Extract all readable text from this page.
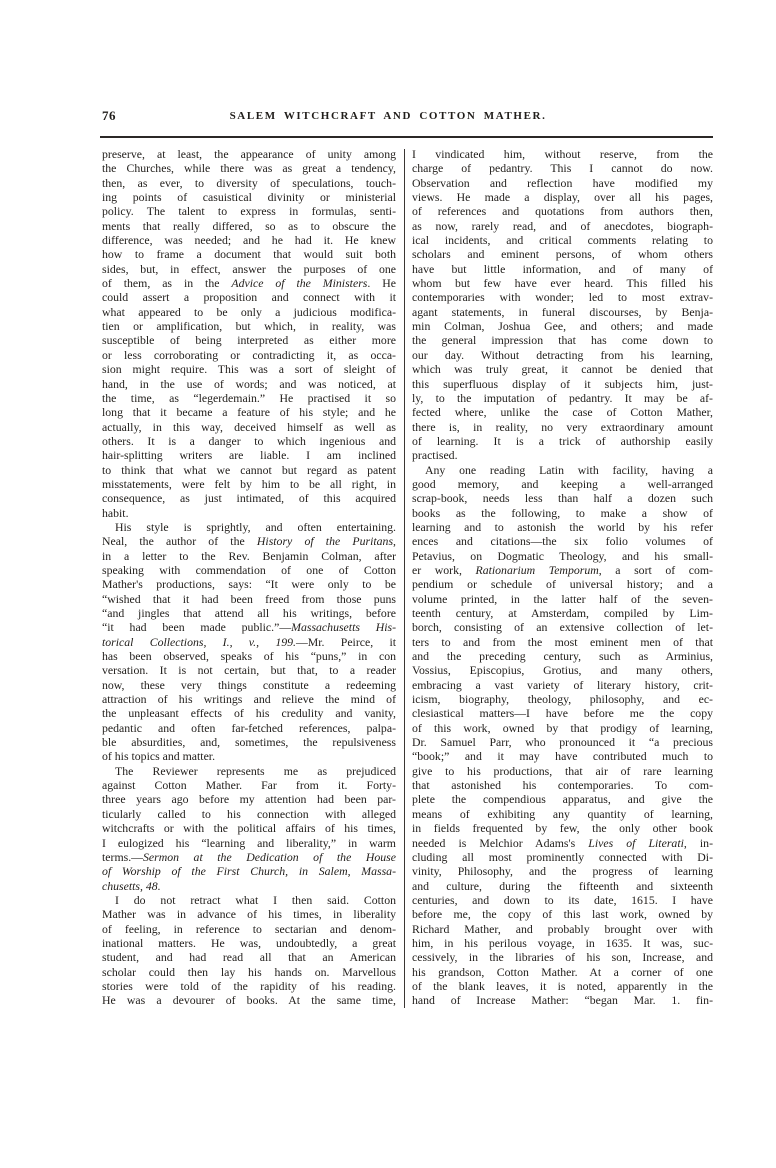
76	SALEM WITCHCRAFT AND COTTON MATHER.
preserve, at least, the appearance of unity among
the Churches, while there was as great a tendency,
then, as ever, to diversity of speculations, touch-
ing points of casuistical divinity or ministerial
policy. The talent to express in formulas, senti-
ments that really differed, so as to obscure the
difference, was needed; and he had it. He knew
how to frame a document that would suit both
sides, but, in effect, answer the purposes of one
of them, as in the Advice of the Ministers. He
could assert a proposition and connect with it
what appeared to be only a judicious modifica-
tien or amplification, but which, in reality, was
susceptible of being interpreted as either more
or less corroborating or contradicting it, as occa-
sion might require. This was a sort of sleight of
hand, in the use of words; and was noticed, at
the time, as “legerdemain.” He practised it so
long that it became a feature of his style; and he
actually, in this way, deceived himself as well as
others. It is a danger to which ingenious and
hair-splitting writers are liable. I am inclined
to think that what we cannot but regard as patent
misstatements, were felt by him to be all right, in
consequence, as just intimated, of this acquired
habit.
His style is sprightly, and often entertaining.
Neal, the author of the History of the Puritans,
in a letter to the Rev. Benjamin Colman, after
speaking with commendation of one of Cotton
Mather's productions, says: “It were only to be
“wished that it had been freed from those puns
“and jingles that attend all his writings, before
“it had been made public.”—Massachusetts His-
torical Collections, I., v., 199.—Mr. Peirce, it
has been observed, speaks of his “puns,” in con
versation. It is not certain, but that, to a reader
now, these very things constitute a redeeming
attraction of his writings and relieve the mind of
the unpleasant effects of his credulity and vanity,
pedantic and often far-fetched references, palpa-
ble absurdities, and, sometimes, the repulsiveness
of his topics and matter.
The Reviewer represents me as prejudiced
against Cotton Mather. Far from it. Forty-
three years ago before my attention had been par-
ticularly called to his connection with alleged
witchcrafts or with the political affairs of his times,
I eulogized his “learning and liberality,” in warm
terms.—Sermon at the Dedication of the House
of Worship of the First Church, in Salem, Massa-
chusetts, 48.
I do not retract what I then said. Cotton
Mather was in advance of his times, in liberality
of feeling, in reference to sectarian and denom-
inational matters. He was, undoubtedly, a great
student, and had read all that an American
scholar could then lay his hands on. Marvellous
stories were told of the rapidity of his reading.
He was a devourer of books. At the same time,
I vindicated him, without reserve, from the
charge of pedantry. This I cannot do now.
Observation and reflection have modified my
views. He made a display, over all his pages,
of references and quotations from authors then,
as now, rarely read, and of anecdotes, biograph-
ical incidents, and critical comments relating to
scholars and eminent persons, of whom others
have but little information, and of many of
whom but few have ever heard. This filled his
contemporaries with wonder; led to most extrav-
agant statements, in funeral discourses, by Benja-
min Colman, Joshua Gee, and others; and made
the general impression that has come down to
our day. Without detracting from his learning,
which was truly great, it cannot be denied that
this superfluous display of it subjects him, just-
ly, to the imputation of pedantry. It may be af-
fected where, unlike the case of Cotton Mather,
there is, in reality, no very extraordinary amount
of learning. It is a trick of authorship easily
practised.
Any one reading Latin with facility, having a
good memory, and keeping a well-arranged
scrap-book, needs less than half a dozen such
books as the following, to make a show of
learning and to astonish the world by his refer
ences and citations—the six folio volumes of
Petavius, on Dogmatic Theology, and his small-
er work, Rationarium Temporum, a sort of com-
pendium or schedule of universal history; and a
volume printed, in the latter half of the seven-
teenth century, at Amsterdam, compiled by Lim-
borch, consisting of an extensive collection of let-
ters to and from the most eminent men of that
and the preceding century, such as Arminius,
Vossius, Episcopius, Grotius, and many others,
embracing a vast variety of literary history, crit-
icism, biography, theology, philosophy, and ec-
clesiastical matters—I have before me the copy
of this work, owned by that prodigy of learning,
Dr. Samuel Parr, who pronounced it “a precious
“book;” and it may have contributed much to
give to his productions, that air of rare learning
that astonished his contemporaries. To com-
plete the compendious apparatus, and give the
means of exhibiting any quantity of learning,
in fields frequented by few, the only other book
needed is Melchior Adams's Lives of Literati, in-
cluding all most prominently connected with Di-
vinity, Philosophy, and the progress of learning
and culture, during the fifteenth and sixteenth
centuries, and down to its date, 1615. I have
before me, the copy of this last work, owned by
Richard Mather, and probably brought over with
him, in his perilous voyage, in 1635. It was, suc-
cessively, in the libraries of his son, Increase, and
his grandson, Cotton Mather. At a corner of one
of the blank leaves, it is noted, apparently in the
hand of Increase Mather: “began Mar. 1. fin-
